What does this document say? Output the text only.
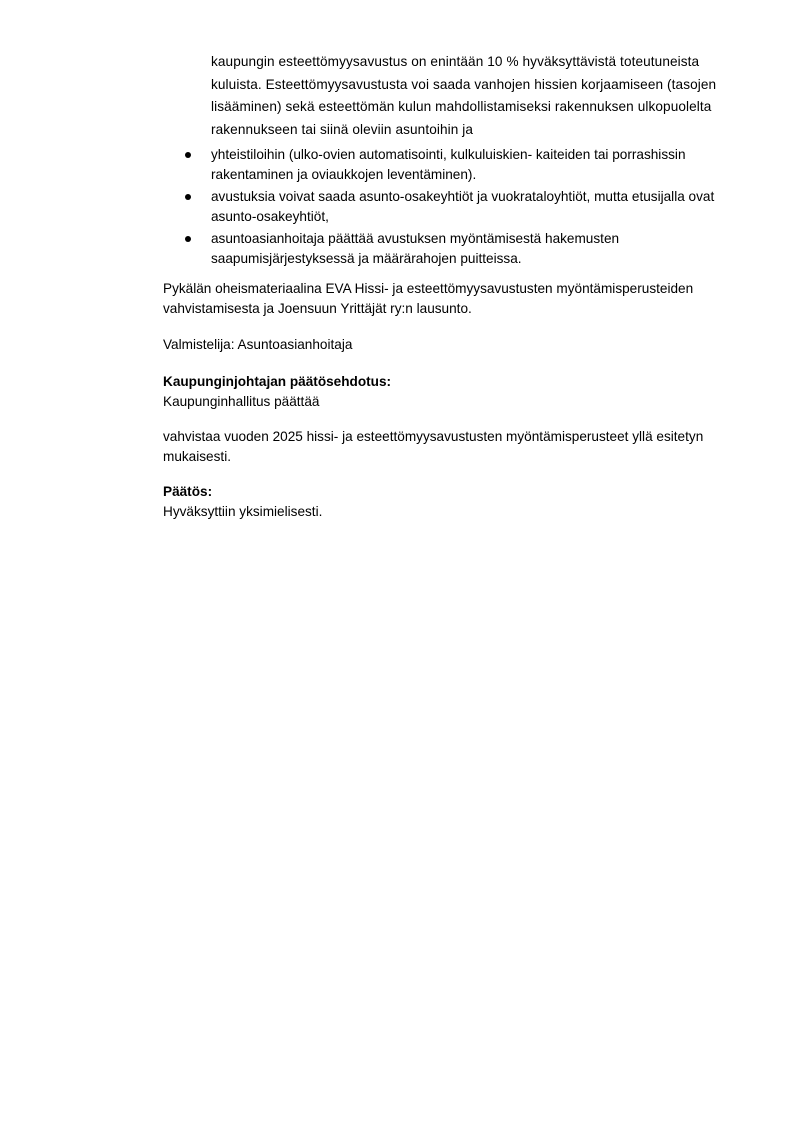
kaupungin esteettömyysavustus on enintään 10 % hyväksyttävistä toteutuneista kuluista. Esteettömyysavustusta voi saada vanhojen hissien korjaamiseen (tasojen lisääminen) sekä esteettömän kulun mahdollistamiseksi rakennuksen ulkopuolelta rakennukseen tai siinä oleviin asuntoihin ja

yhteistiloihin (ulko-ovien automatisointi, kulkuluiskien- kaiteiden tai porrashissin rakentaminen ja oviaukkojen leventäminen).
avustuksia voivat saada asunto-osakeyhtiöt ja vuokrataloyhtiöt, mutta etusijalla ovat asunto-osakeyhtiöt,
asuntoasianhoitaja päättää avustuksen myöntämisestä hakemusten saapumisjärjestyksessä ja määrärahojen puitteissa.

Pykälän oheismateriaalina EVA Hissi- ja esteettömyysavustusten myöntämisperusteiden vahvistamisesta ja Joensuun Yrittäjät ry:n lausunto.

Valmistelija: Asuntoasianhoitaja

Kaupunginjohtajan päätösehdotus:

Kaupunginhallitus päättää

vahvistaa vuoden 2025 hissi- ja esteettömyysavustusten myöntämisperusteet yllä esitetyn mukaisesti.

Päätös:

Hyväksyttiin yksimielisesti.
